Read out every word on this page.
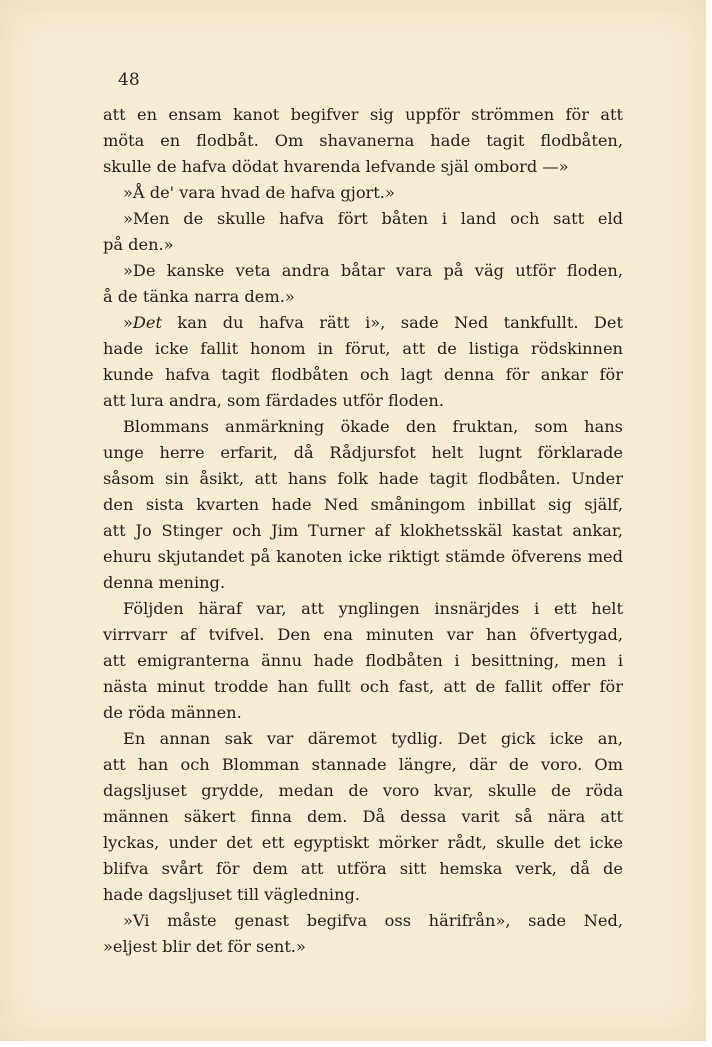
48
att en ensam kanot begifver sig uppför strömmen för att
möta en flodbåt. Om shavanerna hade tagit flodbåten,
skulle de hafva dödat hvarenda lefvande själ ombord —»
»Å de' vara hvad de hafva gjort.»
»Men de skulle hafva fört båten i land och satt eld
på den.»
»De kanske veta andra båtar vara på väg utför floden,
å de tänka narra dem.»
»Det kan du hafva rätt i», sade Ned tankfullt. Det
hade icke fallit honom in förut, att de listiga rödskinnen
kunde hafva tagit flodbåten och lagt denna för ankar för
att lura andra, som färdades utför floden.
Blommans anmärkning ökade den fruktan, som hans
unge herre erfarit, då Rådjursfot helt lugnt förklarade
såsom sin åsikt, att hans folk hade tagit flodbåten. Under
den sista kvarten hade Ned småningom inbillat sig själf,
att Jo Stinger och Jim Turner af klokhetsskäl kastat ankar,
ehuru skjutandet på kanoten icke riktigt stämde öfverens med
denna mening.
Följden häraf var, att ynglingen insnärjdes i ett helt
virrvarr af tvifvel. Den ena minuten var han öfvertygad,
att emigranterna ännu hade flodbåten i besittning, men i
nästa minut trodde han fullt och fast, att de fallit offer för
de röda männen.
En annan sak var däremot tydlig. Det gick icke an,
att han och Blomman stannade längre, där de voro. Om
dagsljuset grydde, medan de voro kvar, skulle de röda
männen säkert finna dem. Då dessa varit så nära att
lyckas, under det ett egyptiskt mörker rådt, skulle det icke
blifva svårt för dem att utföra sitt hemska verk, då de
hade dagsljuset till vägledning.
»Vi måste genast begifva oss härifrån», sade Ned,
»eljest blir det för sent.»
